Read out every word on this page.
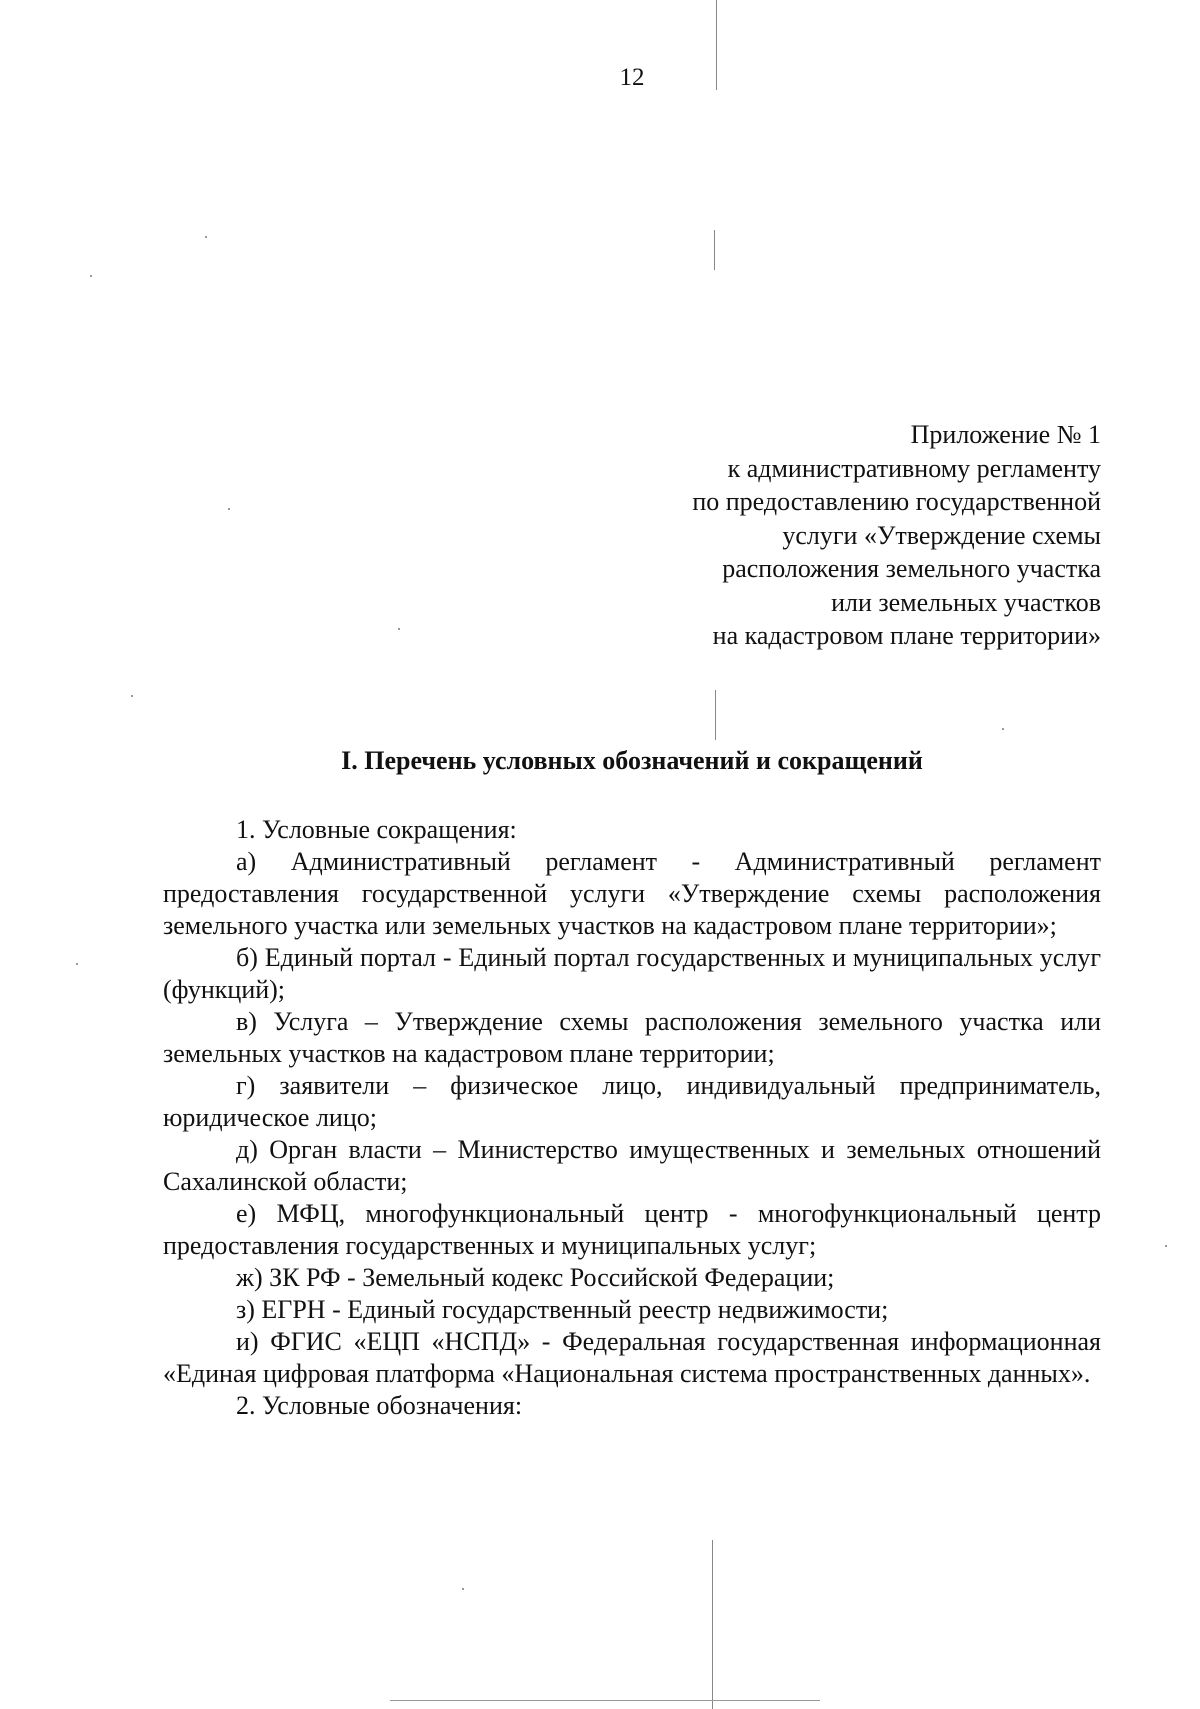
12
Приложение № 1
к административному регламенту
по предоставлению государственной
услуги «Утверждение схемы
расположения земельного участка
или земельных участков
на кадастровом плане территории»
I. Перечень условных обозначений и сокращений

1. Условные сокращения:

а) Административный регламент - Административный регламент предоставления государственной услуги «Утверждение схемы расположения земельного участка или земельных участков на кадастровом плане территории»;

б) Единый портал - Единый портал государственных и муниципальных услуг (функций);

в) Услуга – Утверждение схемы расположения земельного участка или земельных участков на кадастровом плане территории;

г) заявители – физическое лицо, индивидуальный предприниматель, юридическое лицо;

д) Орган власти – Министерство имущественных и земельных отношений Сахалинской области;

е) МФЦ, многофункциональный центр - многофункциональный центр предоставления государственных и муниципальных услуг;

ж) ЗК РФ - Земельный кодекс Российской Федерации;

з) ЕГРН - Единый государственный реестр недвижимости;

и) ФГИС «ЕЦП «НСПД» - Федеральная государственная информационная «Единая цифровая платформа «Национальная система пространственных данных».

2. Условные обозначения:
